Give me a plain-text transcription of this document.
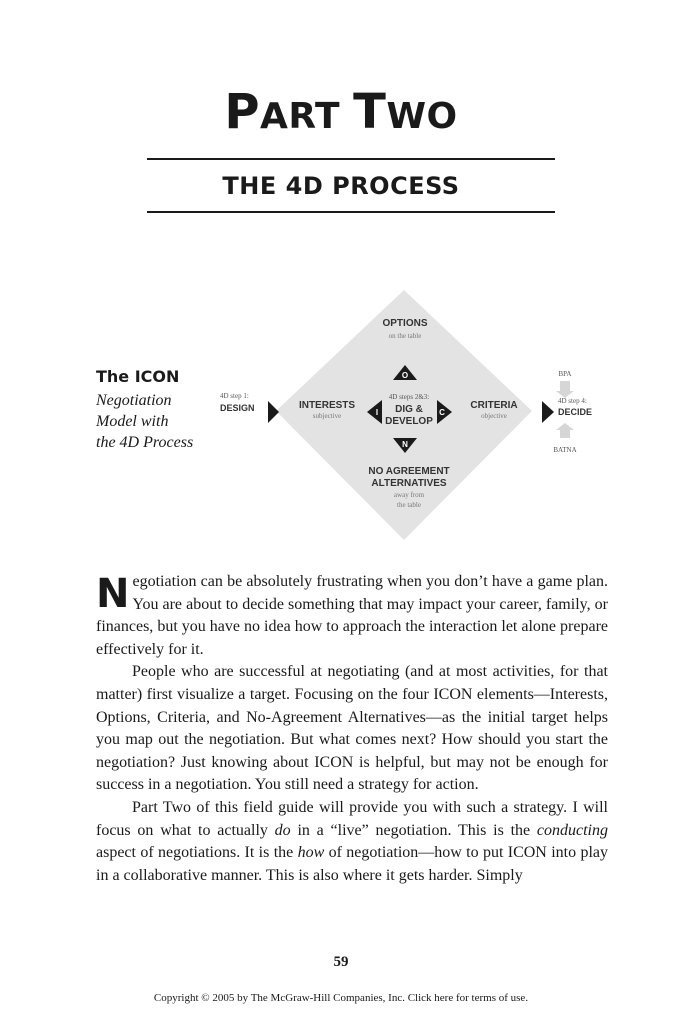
PART TWO
THE 4D PROCESS
The ICON
Negotiation
Model with
the 4D Process
OPTIONS
on the table
O
4D steps 2&3:
I DIG &
DEVELOP
C
INTERESTS
subjective
CRITERIA
objective
N
NO AGREEMENT
ALTERNATIVES
away from
the table
4D step 1:
DESIGN
BPA
4D step 4:
DECIDE
BATNA

Negotiation can be absolutely frustrating when you don’t have a game plan. You are about to decide something that may impact your career, family, or finances, but you have no idea how to approach the interaction let alone prepare effectively for it.

People who are successful at negotiating (and at most activities, for that matter) first visualize a target. Focusing on the four ICON elements—Interests, Options, Criteria, and No-Agreement Alternatives—as the initial target helps you map out the negotiation. But what comes next? How should you start the negotiation? Just knowing about ICON is helpful, but may not be enough for success in a negotiation. You still need a strategy for action.

Part Two of this field guide will provide you with such a strategy. I will focus on what to actually do in a “live” negotiation. This is the conducting aspect of negotiations. It is the how of negotiation—how to put ICON into play in a collaborative manner. This is also where it gets harder. Simply

59
Copyright © 2005 by The McGraw-Hill Companies, Inc. Click here for terms of use.
